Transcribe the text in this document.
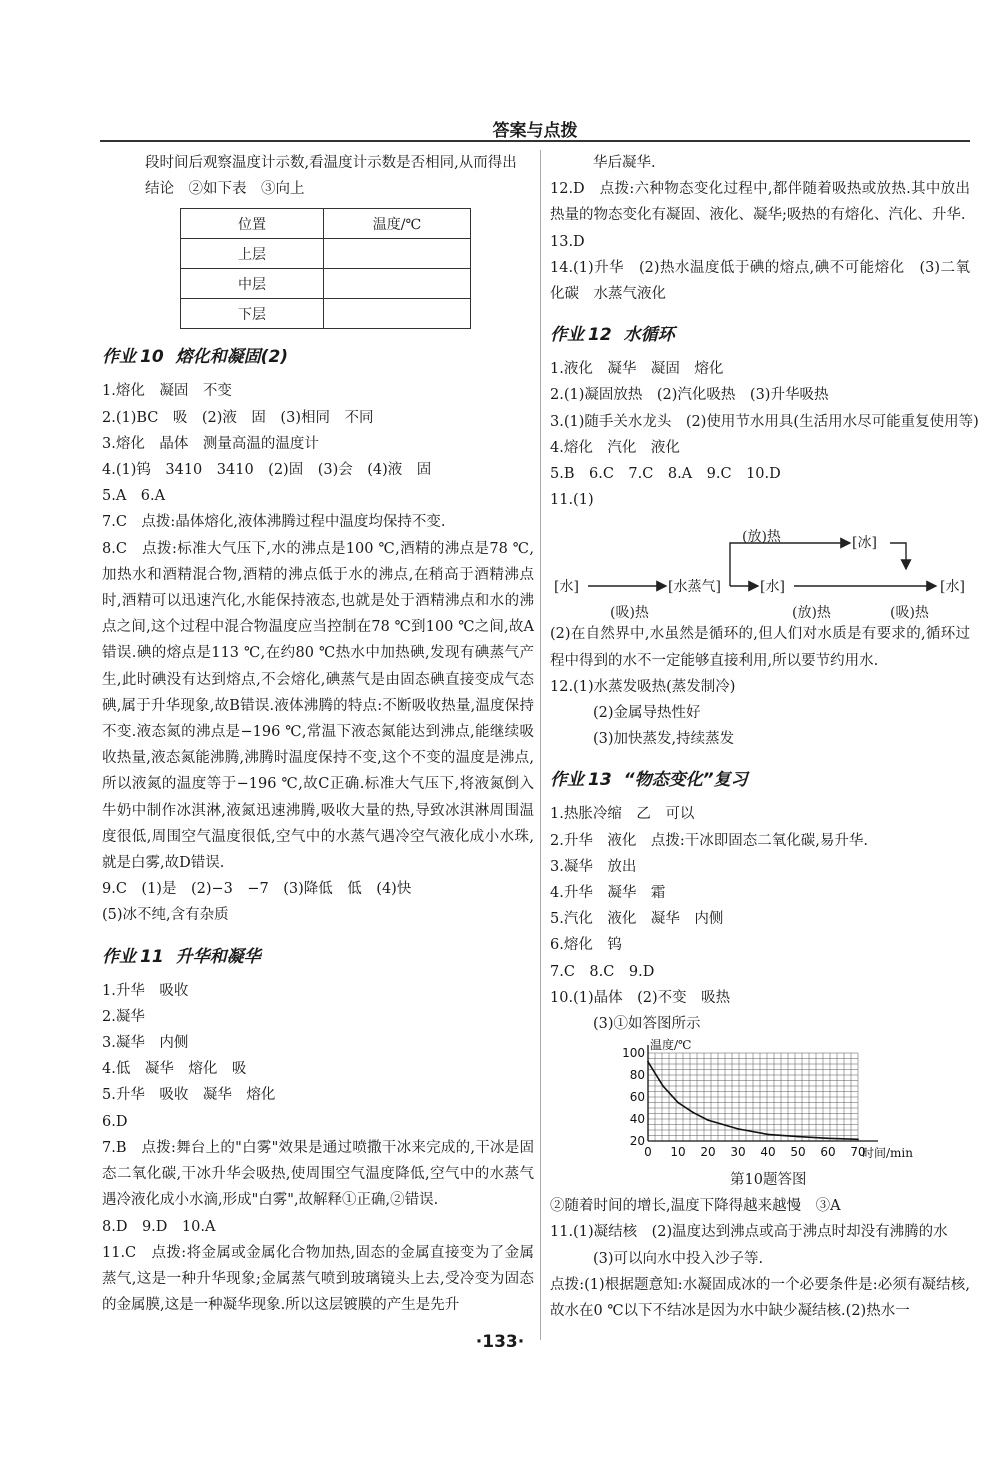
答案与点拨
段时间后观察温度计示数,看温度计示数是否相同,从而得出
结论　②如下表　③向上
位置	温度/℃
上层	
中层	
下层	
作业 10 熔化和凝固(2)
1.熔化　凝固　不变
2.(1)BC　吸　(2)液　固　(3)相同　不同
3.熔化　晶体　测量高温的温度计
4.(1)钨　3410　3410　(2)固　(3)会　(4)液　固
5.A　6.A
7.C　点拨:晶体熔化,液体沸腾过程中温度均保持不变.
8.C　点拨:标准大气压下,水的沸点是100 ℃,酒精的沸点是78 ℃,加热水和酒精混合物,酒精的沸点低于水的沸点,在稍高于酒精沸点时,酒精可以迅速汽化,水能保持液态,也就是处于酒精沸点和水的沸点之间,这个过程中混合物温度应当控制在78 ℃到100 ℃之间,故A错误.碘的熔点是113 ℃,在约80 ℃热水中加热碘,发现有碘蒸气产生,此时碘没有达到熔点,不会熔化,碘蒸气是由固态碘直接变成气态碘,属于升华现象,故B错误.液体沸腾的特点:不断吸收热量,温度保持不变.液态氮的沸点是−196 ℃,常温下液态氮能达到沸点,能继续吸收热量,液态氮能沸腾,沸腾时温度保持不变,这个不变的温度是沸点,所以液氮的温度等于−196 ℃,故C正确.标准大气压下,将液氮倒入牛奶中制作冰淇淋,液氮迅速沸腾,吸收大量的热,导致冰淇淋周围温度很低,周围空气温度很低,空气中的水蒸气遇冷空气液化成小水珠,就是白雾,故D错误.
9.C　(1)是　(2)−3　−7　(3)降低　低　(4)快
(5)冰不纯,含有杂质
作业 11 升华和凝华
1.升华　吸收
2.凝华
3.凝华　内侧
4.低　凝华　熔化　吸
5.升华　吸收　凝华　熔化
6.D
7.B　点拨:舞台上的"白雾"效果是通过喷撒干冰来完成的,干冰是固态二氧化碳,干冰升华会吸热,使周围空气温度降低,空气中的水蒸气遇冷液化成小水滴,形成"白雾",故解释①正确,②错误.
8.D　9.D　10.A
11.C　点拨:将金属或金属化合物加热,固态的金属直接变为了金属蒸气,这是一种升华现象;金属蒸气喷到玻璃镜头上去,受冷变为固态的金属膜,这是一种凝华现象.所以这层镀膜的产生是先升
华后凝华.
12.D　点拨:六种物态变化过程中,都伴随着吸热或放热.其中放出热量的物态变化有凝固、液化、凝华;吸热的有熔化、汽化、升华.
13.D
14.(1)升华　(2)热水温度低于碘的熔点,碘不可能熔化　(3)二氧化碳　水蒸气液化
作业 12 水循环
1.液化　凝华　凝固　熔化
2.(1)凝固放热　(2)汽化吸热　(3)升华吸热
3.(1)随手关水龙头　(2)使用节水用具(生活用水尽可能重复使用等)
4.熔化　汽化　液化
5.B　6.C　7.C　8.A　9.C　10.D
11.(1)
[水]	[水蒸气]	[水]
[冰]
[水]
(吸)热
(放)热
(放)热	(吸)热
(2)在自然界中,水虽然是循环的,但人们对水质是有要求的,循环过程中得到的水不一定能够直接利用,所以要节约用水.
12.(1)水蒸发吸热(蒸发制冷)
(2)金属导热性好
(3)加快蒸发,持续蒸发
作业 13 “物态变化”复习
1.热胀冷缩　乙　可以
2.升华　液化　点拨:干冰即固态二氧化碳,易升华.
3.凝华　放出
4.升华　凝华　霜
5.汽化　液化　凝华　内侧
6.熔化　钨
7.C　8.C　9.D
10.(1)晶体　(2)不变　吸热
(3)①如答图所示
0 10 20 30 40 50 60 70
20
40
60
80
100
温度/℃
时间/min
第10题答图
②随着时间的增长,温度下降得越来越慢　③A
11.(1)凝结核　(2)温度达到沸点或高于沸点时却没有沸腾的水
(3)可以向水中投入沙子等.
点拨:(1)根据题意知:水凝固成冰的一个必要条件是:必须有凝结核,故水在0 ℃以下不结冰是因为水中缺少凝结核.(2)热水一
·133·
